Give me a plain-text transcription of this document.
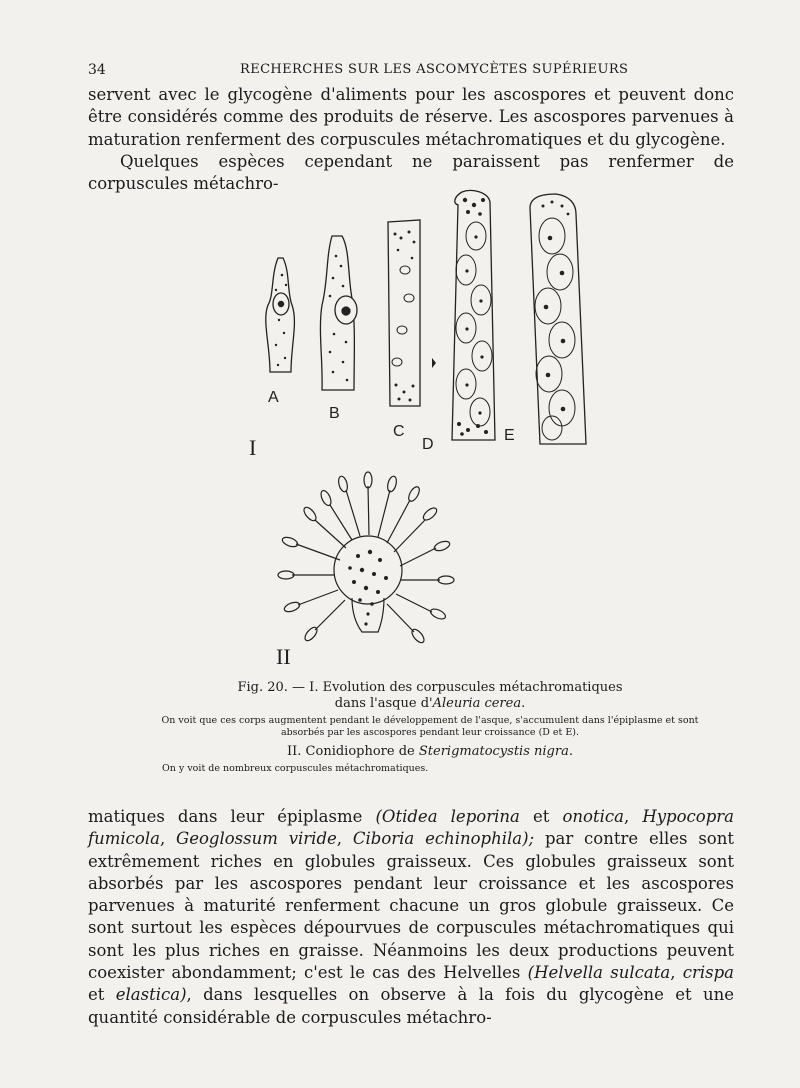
34	RECHERCHES SUR LES ASCOMYCÈTES SUPÉRIEURS

servent avec le glycogène d'aliments pour les ascospores et peuvent donc être considérés comme des produits de réserve. Les ascospores parvenues à maturation renferment des corpuscules métachromatiques et du glycogène.

Quelques espèces cependant ne paraissent pas renfermer de corpuscules métachro-

A
B
C
D
E
I
II

Fig. 20. — I. Evolution des corpuscules métachromatiques
dans l'asque d'Aleuria cerea.

On voit que ces corps augmentent pendant le développement de l'asque, s'accumulent dans l'épiplasme et sont absorbés par les ascospores pendant leur croissance (D et E).

II. Conidiophore de Sterigmatocystis nigra.

On y voit de nombreux corpuscules métachromatiques.

matiques dans leur épiplasme (Otidea leporina et onotica, Hypocopra fumicola, Geoglossum viride, Ciboria echinophila); par contre elles sont extrêmement riches en globules graisseux. Ces globules graisseux sont absorbés par les ascospores pendant leur croissance et les ascospores parvenues à maturité renferment chacune un gros globule graisseux. Ce sont surtout les espèces dépourvues de corpuscules métachromatiques qui sont les plus riches en graisse. Néanmoins les deux productions peuvent coexister abondamment; c'est le cas des Helvelles (Helvella sulcata, crispa et elastica), dans lesquelles on observe à la fois du glycogène et une quantité considérable de corpuscules métachro-
